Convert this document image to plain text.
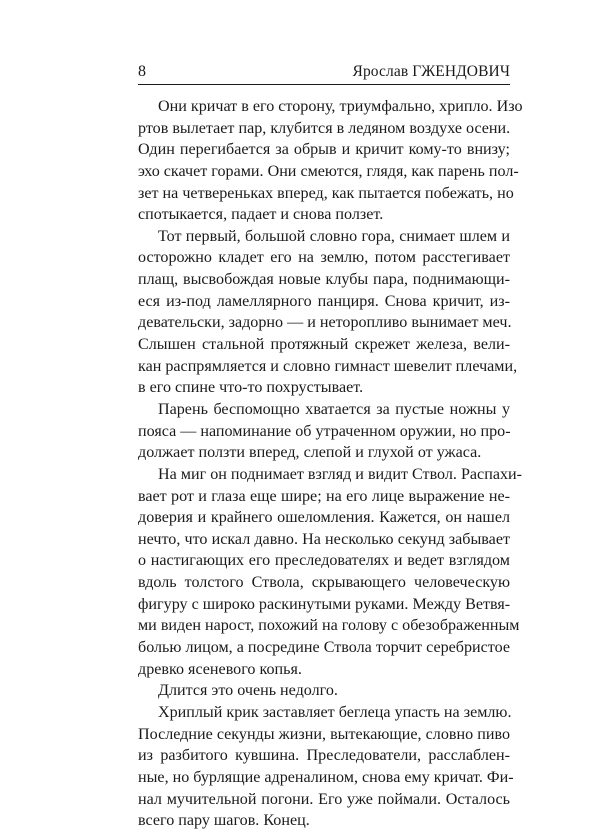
8	Ярослав ГЖЕНДОВИЧ
Они кричат в его сторону, триумфально, хрипло. Изо
ртов вылетает пар, клубится в ледяном воздухе осени.
Один перегибается за обрыв и кричит кому-то внизу;
эхо скачет горами. Они смеются, глядя, как парень пол-
зет на четвереньках вперед, как пытается побежать, но
спотыкается, падает и снова ползет.
Тот первый, большой словно гора, снимает шлем и
осторожно кладет его на землю, потом расстегивает
плащ, высвобождая новые клубы пара, поднимающи-
еся из-под ламеллярного панциря. Снова кричит, из-
девательски, задорно — и неторопливо вынимает меч.
Слышен стальной протяжный скрежет железа, вели-
кан распрямляется и словно гимнаст шевелит плечами,
в его спине что-то похрустывает.
Парень беспомощно хватается за пустые ножны у
пояса — напоминание об утраченном оружии, но про-
должает ползти вперед, слепой и глухой от ужаса.
На миг он поднимает взгляд и видит Ствол. Распахи-
вает рот и глаза еще шире; на его лице выражение не-
доверия и крайнего ошеломления. Кажется, он нашел
нечто, что искал давно. На несколько секунд забывает
о настигающих его преследователях и ведет взглядом
вдоль толстого Ствола, скрывающего человеческую
фигуру с широко раскинутыми руками. Между Ветвя-
ми виден нарост, похожий на голову с обезображенным
болью лицом, а посредине Ствола торчит серебристое
древко ясеневого копья.
Длится это очень недолго.
Хриплый крик заставляет беглеца упасть на землю.
Последние секунды жизни, вытекающие, словно пиво
из разбитого кувшина. Преследователи, расслаблен-
ные, но бурлящие адреналином, снова ему кричат. Фи-
нал мучительной погони. Его уже поймали. Осталось
всего пару шагов. Конец.
